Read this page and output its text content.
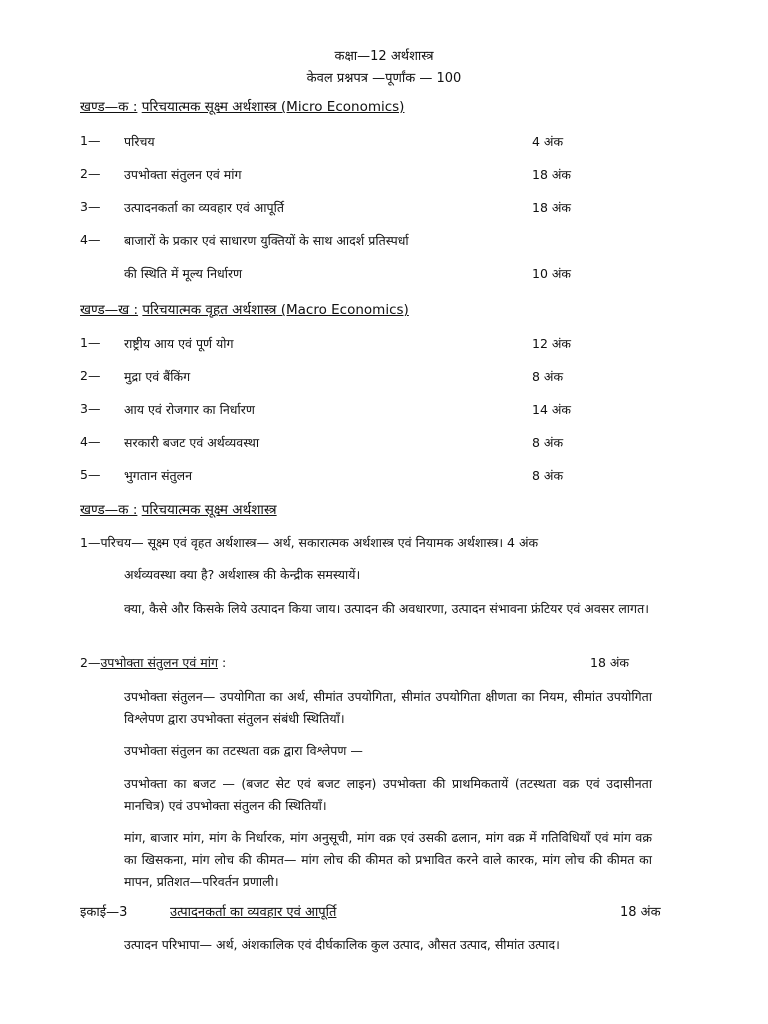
कक्षा—12 अर्थशास्त्र
केवल प्रश्नपत्र —पूर्णांक — 100
खण्ड—क : परिचयात्मक सूक्ष्म अर्थशास्त्र (Micro Economics)
1— परिचय	4 अंक
2— उपभोक्ता संतुलन एवं मांग	18 अंक
3— उत्पादनकर्ता का व्यवहार एवं आपूर्ति	18 अंक
4— बाजारों के प्रकार एवं साधारण युक्तियों के साथ आदर्श प्रतिस्पर्धा
की स्थिति में मूल्य निर्धारण	10 अंक
खण्ड—ख : परिचयात्मक वृहत अर्थशास्त्र (Macro Economics)
1— राष्ट्रीय आय एवं पूर्ण योग	12 अंक
2— मुद्रा एवं बैंकिंग	8 अंक
3— आय एवं रोजगार का निर्धारण	14 अंक
4— सरकारी बजट एवं अर्थव्यवस्था	8 अंक
5— भुगतान संतुलन	8 अंक
खण्ड—क : परिचयात्मक सूक्ष्म अर्थशास्त्र
1—परिचय— सूक्ष्म एवं वृहत अर्थशास्त्र— अर्थ, सकारात्मक अर्थशास्त्र एवं नियामक अर्थशास्त्र। 4 अंक
अर्थव्यवस्था क्या है? अर्थशास्त्र की केन्द्रीक समस्यायें।
क्या, कैसे और किसके लिये उत्पादन किया जाय। उत्पादन की अवधारणा, उत्पादन संभावना फ्रंटियर एवं अवसर लागत।
2—उपभोक्ता संतुलन एवं मांग :	18 अंक
उपभोक्ता संतुलन— उपयोगिता का अर्थ, सीमांत उपयोगिता, सीमांत उपयोगिता क्षीणता का नियम, सीमांत उपयोगिता विश्लेपण द्वारा उपभोक्ता संतुलन संबंधी स्थितियाँ।
उपभोक्ता संतुलन का तटस्थता वक्र द्वारा विश्लेपण —
उपभोक्ता का बजट — (बजट सेट एवं बजट लाइन) उपभोक्ता की प्राथमिकतायें (तटस्थता वक्र एवं उदासीनता मानचित्र) एवं उपभोक्ता संतुलन की स्थितियाँ।
मांग, बाजार मांग, मांग के निर्धारक, मांग अनुसूची, मांग वक्र एवं उसकी ढलान, मांग वक्र में गतिविधियाँ एवं मांग वक्र का खिसकना, मांग लोच की कीमत— मांग लोच की कीमत को प्रभावित करने वाले कारक, मांग लोच की कीमत का मापन, प्रतिशत—परिवर्तन प्रणाली।
इकाई—3	उत्पादनकर्ता का व्यवहार एवं आपूर्ति	18 अंक
उत्पादन परिभापा— अर्थ, अंशकालिक एवं दीर्घकालिक कुल उत्पाद, औसत उत्पाद, सीमांत उत्पाद।
